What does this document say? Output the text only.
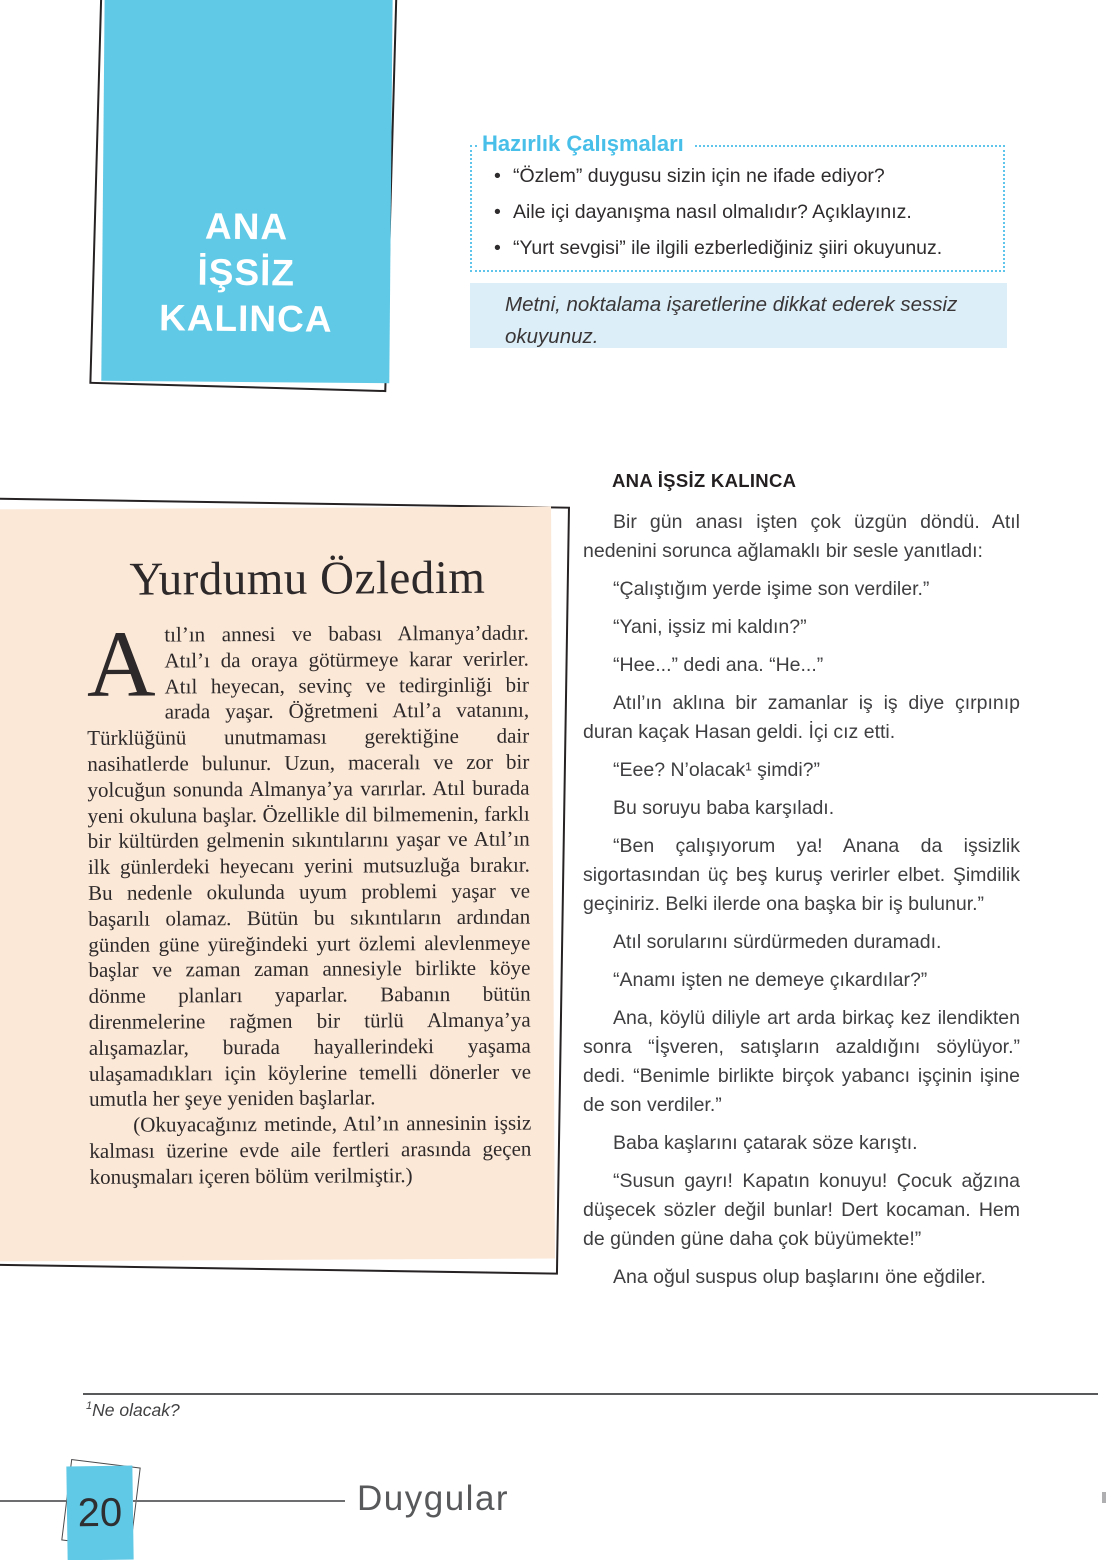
ANA
İŞSİZ
KALINCA
Hazırlık Çalışmaları
• “Özlem” duygusu sizin için ne ifade ediyor?
• Aile içi dayanışma nasıl olmalıdır? Açıklayınız.
• “Yurt sevgisi” ile ilgili ezberlediğiniz şiiri okuyunuz.
Metni, noktalama işaretlerine dikkat ederek sessiz okuyunuz.
Yurdumu Özledim

Atıl’ın annesi ve babası Almanya’dadır. Atıl’ı da oraya götürmeye karar verirler. Atıl heyecan, sevinç ve tedirginliği bir arada yaşar. Öğretmeni Atıl’a vatanını, Türklüğünü unutmaması gerektiğine dair nasihatlerde bulunur. Uzun, maceralı ve zor bir yolcuğun sonunda Almanya’ya varırlar. Atıl burada yeni okuluna başlar. Özellikle dil bilmemenin, farklı bir kültürden gelmenin sıkıntılarını yaşar ve Atıl’ın ilk günlerdeki heyecanı yerini mutsuzluğa bırakır. Bu nedenle okulunda uyum problemi yaşar ve başarılı olamaz. Bütün bu sıkıntıların ardından günden güne yüreğindeki yurt özlemi alevlenmeye başlar ve zaman zaman annesiyle birlikte köye dönme planları yaparlar. Babanın bütün direnmelerine rağmen bir türlü Almanya’ya alışamazlar, burada hayallerindeki yaşama ulaşamadıkları için köylerine temelli dönerler ve umutla her şeye yeniden başlarlar.

(Okuyacağınız metinde, Atıl’ın annesinin işsiz kalması üzerine evde aile fertleri arasında geçen konuşmaları içeren bölüm verilmiştir.)

ANA İŞSİZ KALINCA

Bir gün anası işten çok üzgün döndü. Atıl nedenini sorunca ağlamaklı bir sesle yanıtladı:

“Çalıştığım yerde işime son verdiler.”

“Yani, işsiz mi kaldın?”

“Hee...” dedi ana. “He...”

Atıl’ın aklına bir zamanlar iş iş diye çırpınıp duran kaçak Hasan geldi. İçi cız etti.

“Eee? N’olacak¹ şimdi?”

Bu soruyu baba karşıladı.

“Ben çalışıyorum ya! Anana da işsizlik sigortasından üç beş kuruş verirler elbet. Şimdilik geçiniriz. Belki ilerde ona başka bir iş bulunur.”

Atıl sorularını sürdürmeden duramadı.

“Anamı işten ne demeye çıkardılar?”

Ana, köylü diliyle art arda birkaç kez ilendikten sonra “İşveren, satışların azaldığını söylüyor.” dedi. “Benimle birlikte birçok yabancı işçinin işine de son verdiler.”

Baba kaşlarını çatarak söze karıştı.

“Susun gayrı! Kapatın konuyu! Çocuk ağzına düşecek sözler değil bunlar! Dert kocaman. Hem de günden güne daha çok büyümekte!”

Ana oğul suspus olup başlarını öne eğdiler.

$^1$Ne olacak?
20	Duygular
